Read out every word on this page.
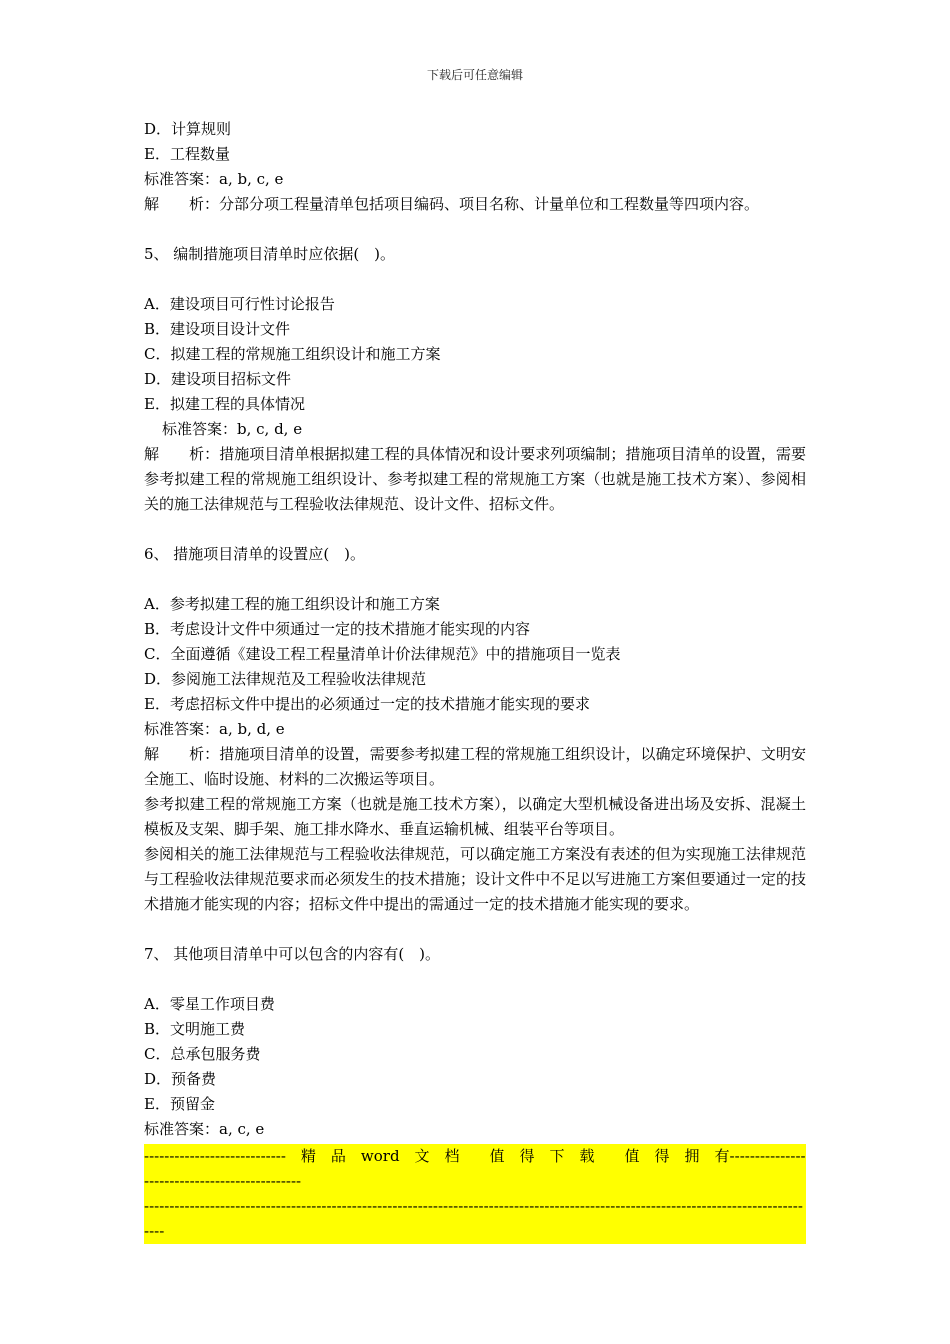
下载后可任意编辑
D．计算规则
E．工程数量
标准答案：a, b, c, e
解　　析：分部分项工程量清单包括项目编码、项目名称、计量单位和工程数量等四项内容。
5、 编制措施项目清单时应依据(　)。
A．建设项目可行性讨论报告
B．建设项目设计文件
C．拟建工程的常规施工组织设计和施工方案
D．建设项目招标文件
E．拟建工程的具体情况
标准答案：b, c, d, e
解　　析：措施项目清单根据拟建工程的具体情况和设计要求列项编制；措施项目清单的设置，需要参考拟建工程的常规施工组织设计、参考拟建工程的常规施工方案（也就是施工技术方案）、参阅相关的施工法律规范与工程验收法律规范、设计文件、招标文件。
6、 措施项目清单的设置应(　)。
A．参考拟建工程的施工组织设计和施工方案
B．考虑设计文件中须通过一定的技术措施才能实现的内容
C．全面遵循《建设工程工程量清单计价法律规范》中的措施项目一览表
D．参阅施工法律规范及工程验收法律规范
E．考虑招标文件中提出的必须通过一定的技术措施才能实现的要求
标准答案：a, b, d, e
解　　析：措施项目清单的设置，需要参考拟建工程的常规施工组织设计，以确定环境保护、文明安全施工、临时设施、材料的二次搬运等项目。
参考拟建工程的常规施工方案（也就是施工技术方案），以确定大型机械设备进出场及安拆、混凝土模板及支架、脚手架、施工排水降水、垂直运输机械、组装平台等项目。
参阅相关的施工法律规范与工程验收法律规范，可以确定施工方案没有表述的但为实现施工法律规范与工程验收法律规范要求而必须发生的技术措施；设计文件中不足以写进施工方案但要通过一定的技术措施才能实现的内容；招标文件中提出的需通过一定的技术措施才能实现的要求。
7、 其他项目清单中可以包含的内容有(　)。
A．零星工作项目费
B．文明施工费
C．总承包服务费
D．预备费
E．预留金
标准答案：a, c, e
----------------------------　精　品　word　文　档　　值　得　下　载　　值　得　拥　有----------------------------------------------
--------------------------------------------------------------------------------------------------------------------------------------
